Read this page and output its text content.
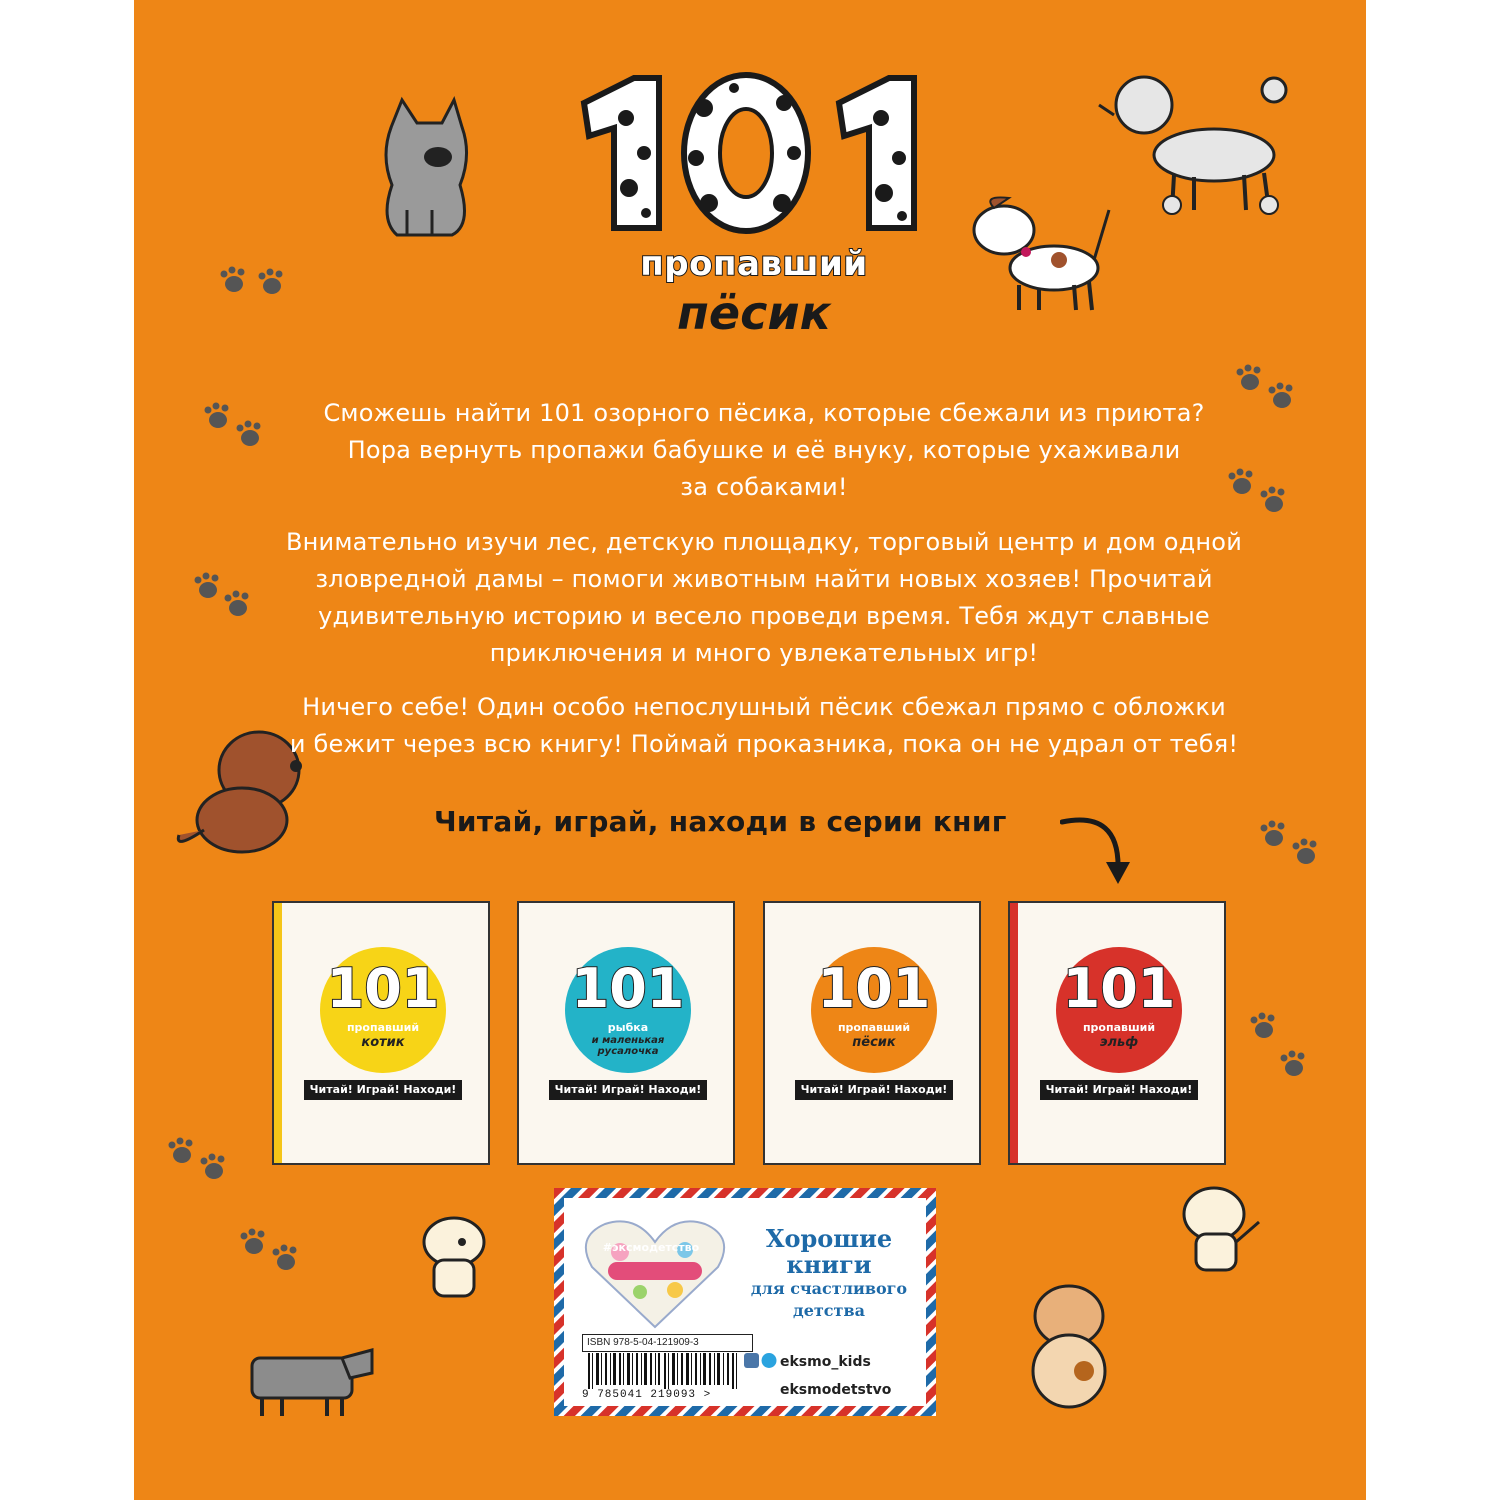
пропавший
пёсик
Сможешь найти 101 озорного пёсика, которые сбежали из приюта?
Пора вернуть пропажи бабушке и её внуку, которые ухаживали
за собаками!
Внимательно изучи лес, детскую площадку, торговый центр и дом одной
зловредной дамы – помоги животным найти новых хозяев! Прочитай
удивительную историю и весело проведи время. Тебя ждут славные
приключения и много увлекательных игр!
Ничего себе! Один особо непослушный пёсик сбежал прямо с обложки
и бежит через всю книгу! Поймай проказника, пока он не удрал от тебя!
Читай, играй, находи в серии книг
101
пропавший
котик
Читай! Играй! Находи!
101
рыбка
и маленькая русалочка
Читай! Играй! Находи!
101
пропавший
пёсик
Читай! Играй! Находи!
101
пропавший
эльф
Читай! Играй! Находи!
#эксмодетство	Хорошие книги
для счастливого детства
ISBN 978-5-04-121909-3
9 785041 219093 >
eksmo_kids
eksmodetstvo
